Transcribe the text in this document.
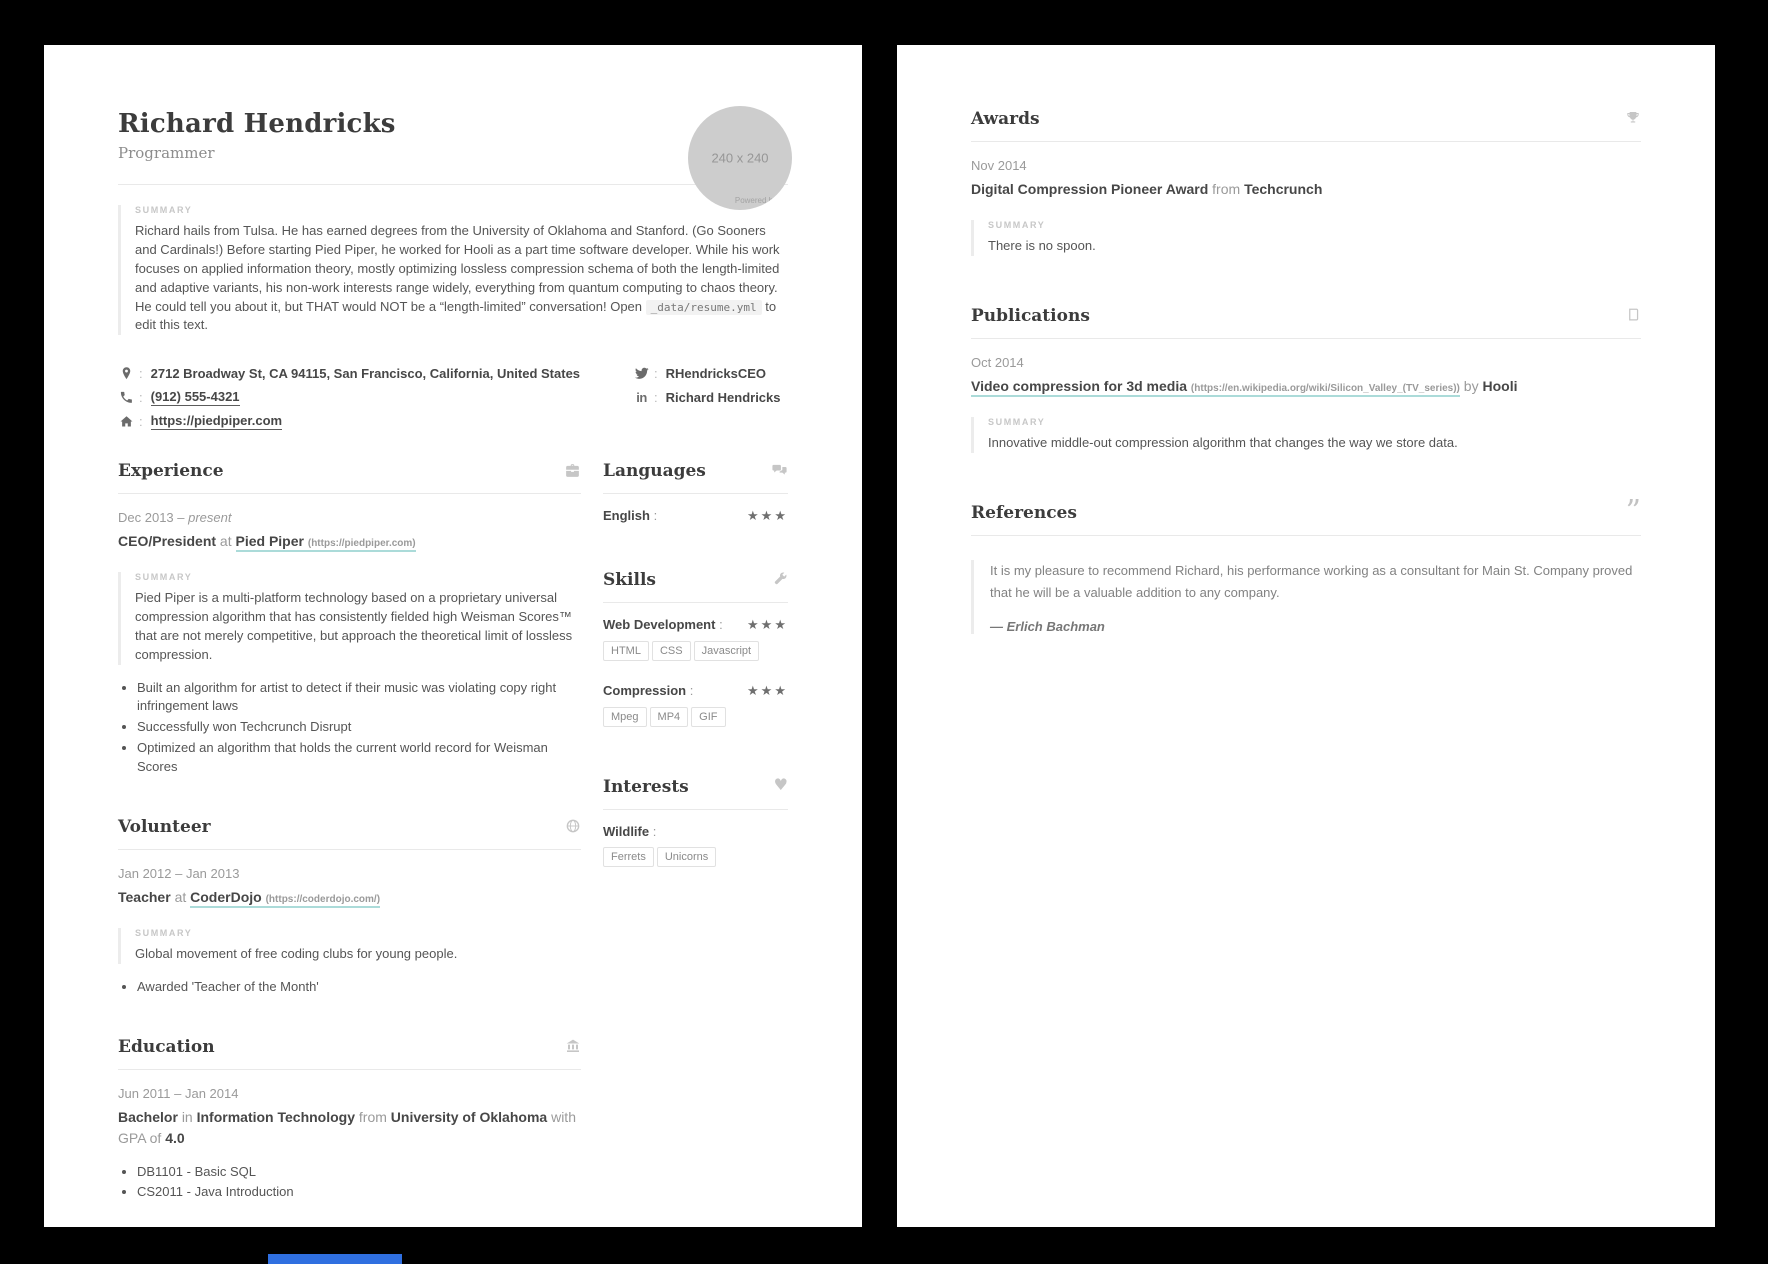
240 x 240
Powered by HT
Richard Hendricks
Programmer
SUMMARY
Richard hails from Tulsa. He has earned degrees from the University of Oklahoma and Stanford. (Go Sooners and Cardinals!) Before starting Pied Piper, he worked for Hooli as a part time software developer. While his work focuses on applied information theory, mostly optimizing lossless compression schema of both the length-limited and adaptive variants, his non-work interests range widely, everything from quantum computing to chaos theory. He could tell you about it, but THAT would NOT be a “length-limited” conversation! Open _data/resume.yml to edit this text.
: 2712 Broadway St, CA 94115, San Francisco, California, United States
: (912) 555-4321
: https://piedpiper.com
: RHendricksCEO
in : Richard Hendricks
Experience
Dec 2013 – present
CEO/President at Pied Piper (https://piedpiper.com)
SUMMARY
Pied Piper is a multi-platform technology based on a proprietary universal compression algorithm that has consistently fielded high Weisman Scores™ that are not merely competitive, but approach the theoretical limit of lossless compression.
• Built an algorithm for artist to detect if their music was violating copy right infringement laws
• Successfully won Techcrunch Disrupt
• Optimized an algorithm that holds the current world record for Weisman Scores
Volunteer
Jan 2012 – Jan 2013
Teacher at CoderDojo (https://coderdojo.com/)
SUMMARY
Global movement of free coding clubs for young people.
• Awarded 'Teacher of the Month'
Education
Jun 2011 – Jan 2014
Bachelor in Information Technology from University of Oklahoma with GPA of 4.0
• DB1101 - Basic SQL
• CS2011 - Java Introduction
Languages
English :	★★★
Skills
Web Development : ★★★
HTML CSS Javascript
Compression :	★★★
Mpeg MP4 GIF
Interests	♥
Wildlife :
Ferrets Unicorns
Awards
Nov 2014
Digital Compression Pioneer Award from Techcrunch
SUMMARY
There is no spoon.
Publications
Oct 2014
Video compression for 3d media (https://en.wikipedia.org/wiki/Silicon_Valley_(TV_series)) by Hooli
SUMMARY
Innovative middle-out compression algorithm that changes the way we store data.
References	”

It is my pleasure to recommend Richard, his performance working as a consultant for Main St. Company proved that he will be a valuable addition to any company.

— Erlich Bachman
